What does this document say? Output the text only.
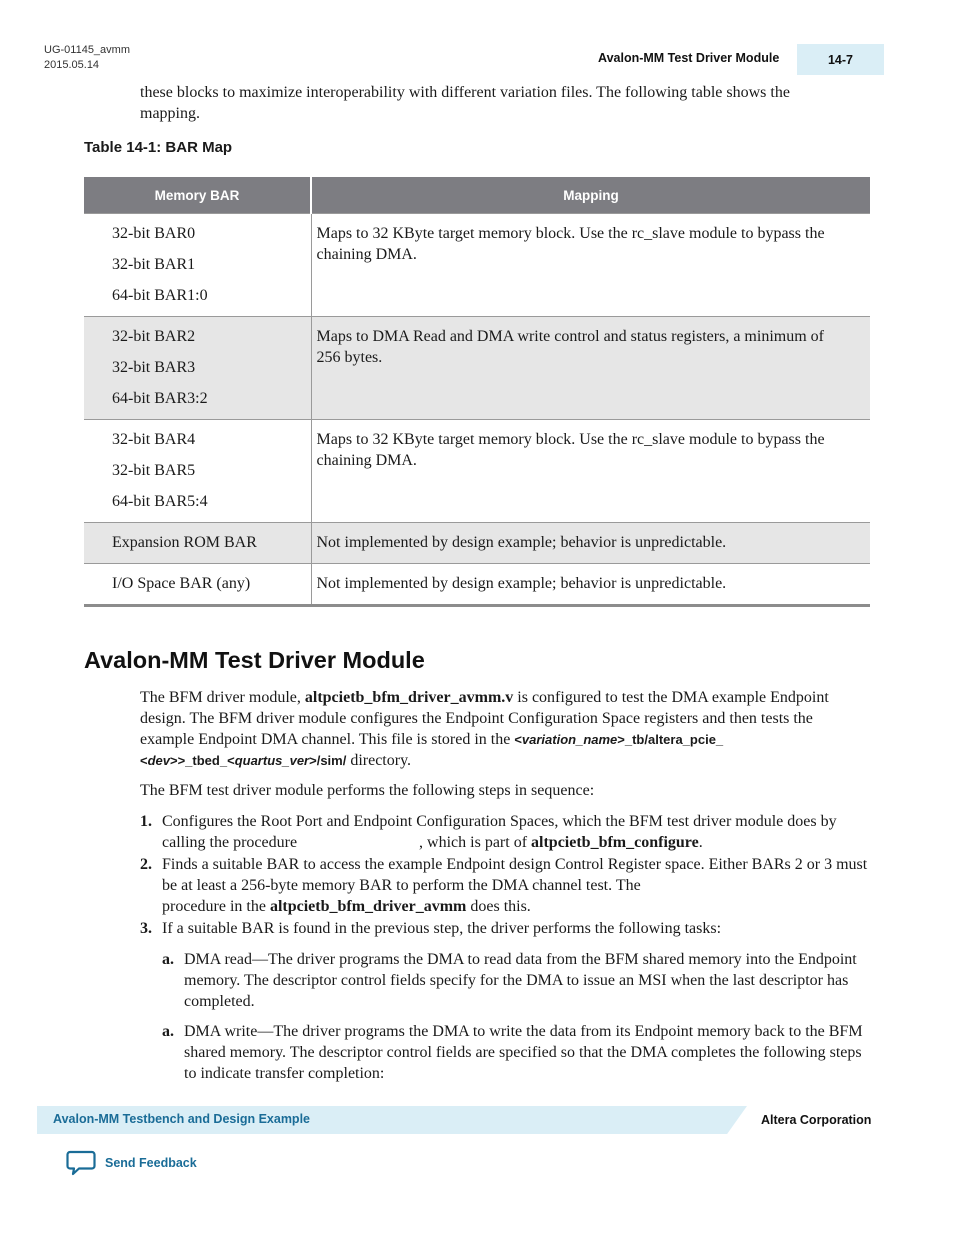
UG-01145_avmm
2015.05.14	Avalon-MM Test Driver Module	14-7
these blocks to maximize interoperability with different variation files. The following table shows the mapping.
Table 14-1: BAR Map
Memory BAR	Mapping

32-bit BAR0
32-bit BAR1
64-bit BAR1:0	Maps to 32 KByte target memory block. Use the rc_slave module to bypass the chaining DMA.

32-bit BAR2
32-bit BAR3
64-bit BAR3:2	Maps to DMA Read and DMA write control and status registers, a minimum of 256 bytes.

32-bit BAR4
32-bit BAR5
64-bit BAR5:4	Maps to 32 KByte target memory block. Use the rc_slave module to bypass the chaining DMA.

Expansion ROM BAR	Not implemented by design example; behavior is unpredictable.

I/O Space BAR (any)	Not implemented by design example; behavior is unpredictable.
Avalon-MM Test Driver Module
The BFM driver module, altpcietb_bfm_driver_avmm.v is configured to test the DMA example Endpoint design. The BFM driver module configures the Endpoint Configuration Space registers and then tests the example Endpoint DMA channel. This file is stored in the <variation_name>_tb/altera_pcie_ <dev>>_tbed_<quartus_ver>/sim/ directory.
The BFM test driver module performs the following steps in sequence:
1. Configures the Root Port and Endpoint Configuration Spaces, which the BFM test driver module does by calling the procedure	, which is part of altpcietb_bfm_configure.
2. Finds a suitable BAR to access the example Endpoint design Control Register space. Either BARs 2 or 3 must be at least a 256-byte memory BAR to perform the DMA channel test. The
procedure in the altpcietb_bfm_driver_avmm does this.
3. If a suitable BAR is found in the previous step, the driver performs the following tasks:
a. DMA read—The driver programs the DMA to read data from the BFM shared memory into the Endpoint memory. The descriptor control fields specify for the DMA to issue an MSI when the last descriptor has completed.
a. DMA write—The driver programs the DMA to write the data from its Endpoint memory back to the BFM shared memory. The descriptor control fields are specified so that the DMA completes the following steps to indicate transfer completion:
Avalon-MM Testbench and Design Example	Altera Corporation
Send Feedback
